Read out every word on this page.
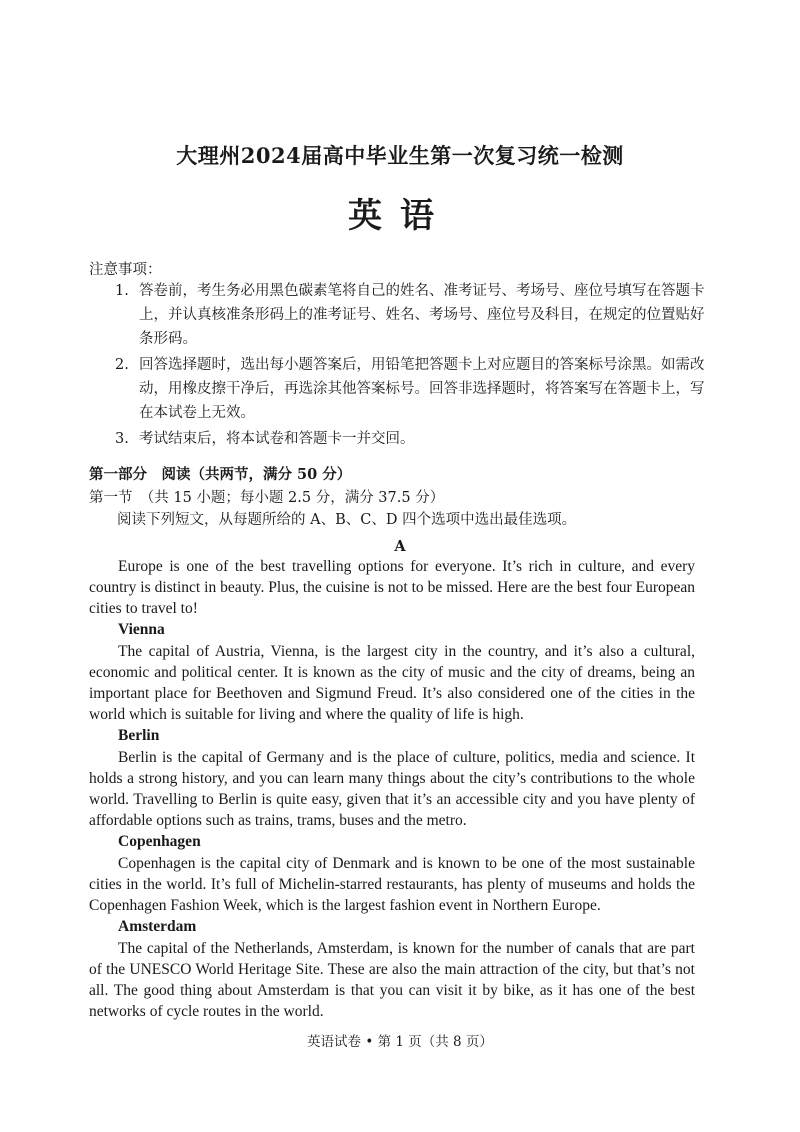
大理州2024届高中毕业生第一次复习统一检测
英语
注意事项：
1. 答卷前，考生务必用黑色碳素笔将自己的姓名、准考证号、考场号、座位号填写在答题卡上，并认真核准条形码上的准考证号、姓名、考场号、座位号及科目，在规定的位置贴好条形码。
2. 回答选择题时，选出每小题答案后，用铅笔把答题卡上对应题目的答案标号涂黑。如需改动，用橡皮擦干净后，再选涂其他答案标号。回答非选择题时，将答案写在答题卡上，写在本试卷上无效。
3. 考试结束后，将本试卷和答题卡一并交回。
第一部分　阅读（共两节，满分 50 分）
第一节　（共 15 小题；每小题 2.5 分，满分 37.5 分）
阅读下列短文，从每题所给的 A、B、C、D 四个选项中选出最佳选项。
A

Europe is one of the best travelling options for everyone. It’s rich in culture, and every country is distinct in beauty. Plus, the cuisine is not to be missed. Here are the best four European cities to travel to!

Vienna

The capital of Austria, Vienna, is the largest city in the country, and it’s also a cultural, economic and political center. It is known as the city of music and the city of dreams, being an important place for Beethoven and Sigmund Freud. It’s also considered one of the cities in the world which is suitable for living and where the quality of life is high.

Berlin

Berlin is the capital of Germany and is the place of culture, politics, media and science. It holds a strong history, and you can learn many things about the city’s contributions to the whole world. Travelling to Berlin is quite easy, given that it’s an accessible city and you have plenty of affordable options such as trains, trams, buses and the metro.

Copenhagen

Copenhagen is the capital city of Denmark and is known to be one of the most sustainable cities in the world. It’s full of Michelin-starred restaurants, has plenty of museums and holds the Copenhagen Fashion Week, which is the largest fashion event in Northern Europe.

Amsterdam

The capital of the Netherlands, Amsterdam, is known for the number of canals that are part of the UNESCO World Heritage Site. These are also the main attraction of the city, but that’s not all. The good thing about Amsterdam is that you can visit it by bike, as it has one of the best networks of cycle routes in the world.

英语试卷 • 第 1 页（共 8 页）
